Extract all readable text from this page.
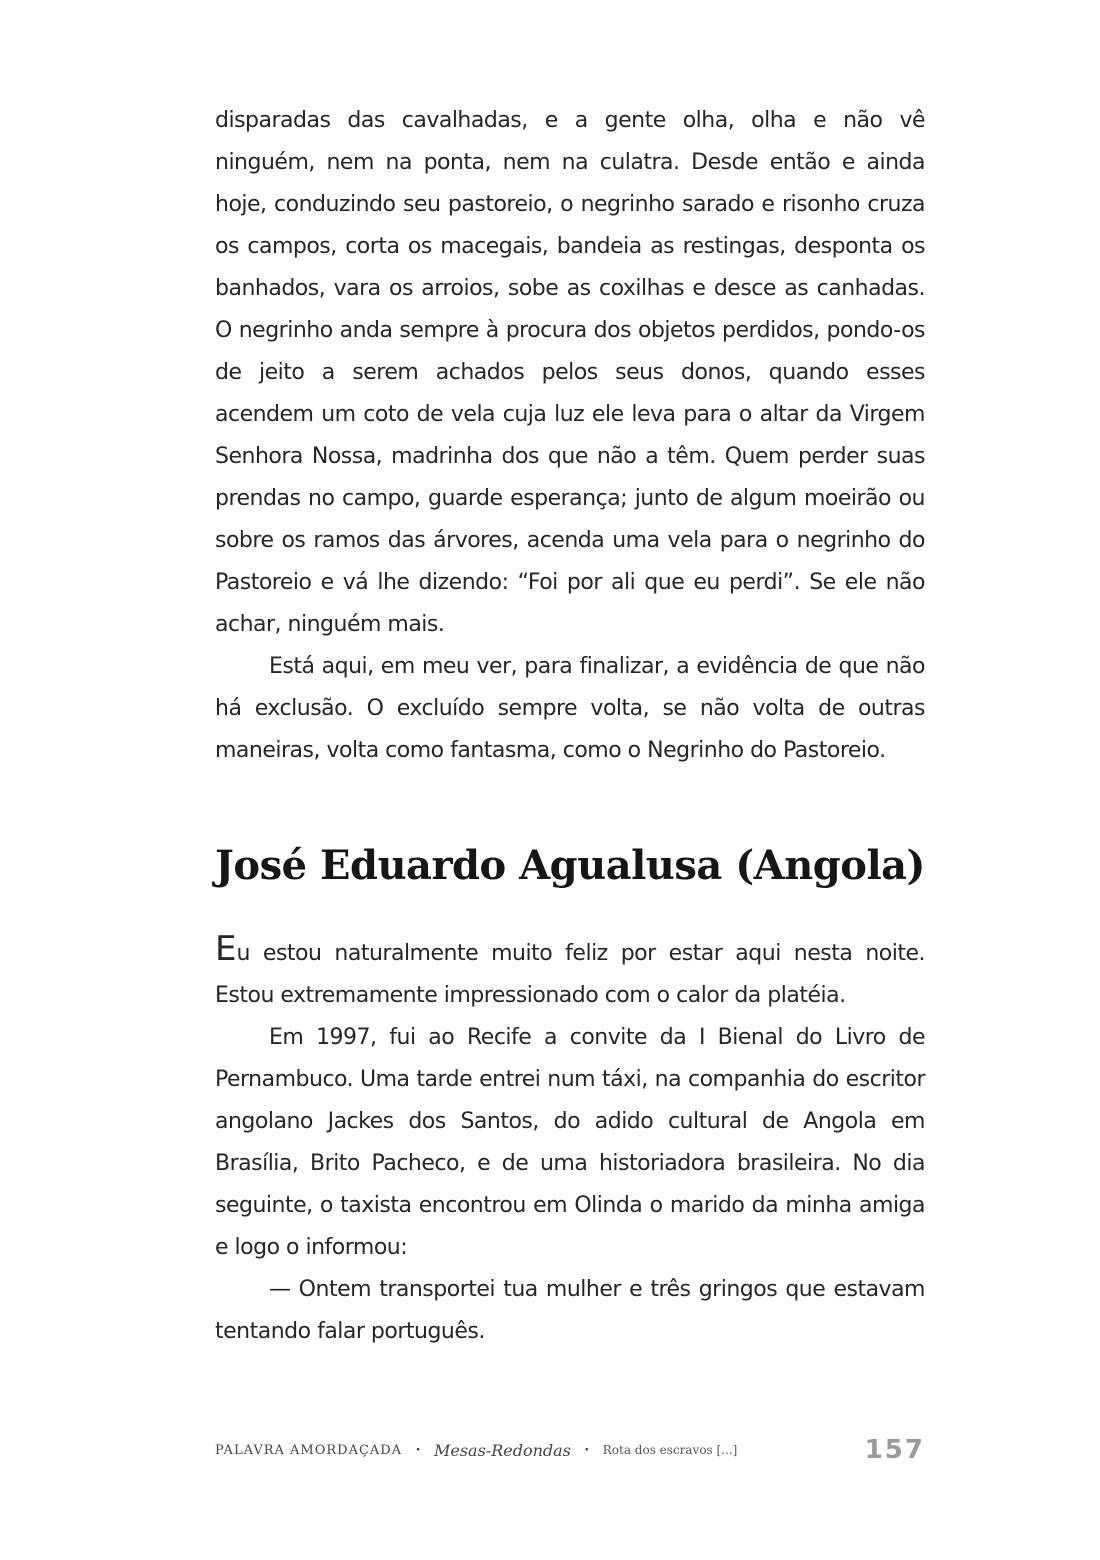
disparadas das cavalhadas, e a gente olha, olha e não vê ninguém, nem na ponta, nem na culatra. Desde então e ainda hoje, conduzindo seu pastoreio, o negrinho sarado e risonho cruza os campos, corta os macegais, bandeia as restingas, desponta os banhados, vara os arroios, sobe as coxilhas e desce as canhadas. O negrinho anda sempre à procura dos objetos perdidos, pondo-os de jeito a serem achados pelos seus donos, quando esses acendem um coto de vela cuja luz ele leva para o altar da Virgem Senhora Nossa, madrinha dos que não a têm. Quem perder suas prendas no campo, guarde esperança; junto de algum moeirão ou sobre os ramos das árvores, acenda uma vela para o negrinho do Pastoreio e vá lhe dizendo: “Foi por ali que eu perdi”. Se ele não achar, ninguém mais.

Está aqui, em meu ver, para finalizar, a evidência de que não há exclusão. O excluído sempre volta, se não volta de outras maneiras, volta como fantasma, como o Negrinho do Pastoreio.

José Eduardo Agualusa (Angola)

Eu estou naturalmente muito feliz por estar aqui nesta noite. Estou extremamente impressionado com o calor da platéia.

Em 1997, fui ao Recife a convite da I Bienal do Livro de Pernambuco. Uma tarde entrei num táxi, na companhia do escritor angolano Jackes dos Santos, do adido cultural de Angola em Brasília, Brito Pacheco, e de uma historiadora brasileira. No dia seguinte, o taxista encontrou em Olinda o marido da minha amiga e logo o informou:

— Ontem transportei tua mulher e três gringos que estavam tentando falar português.

PALAVRA AMORDAÇADA • Mesas-Redondas • Rota dos escravos [...]	157
